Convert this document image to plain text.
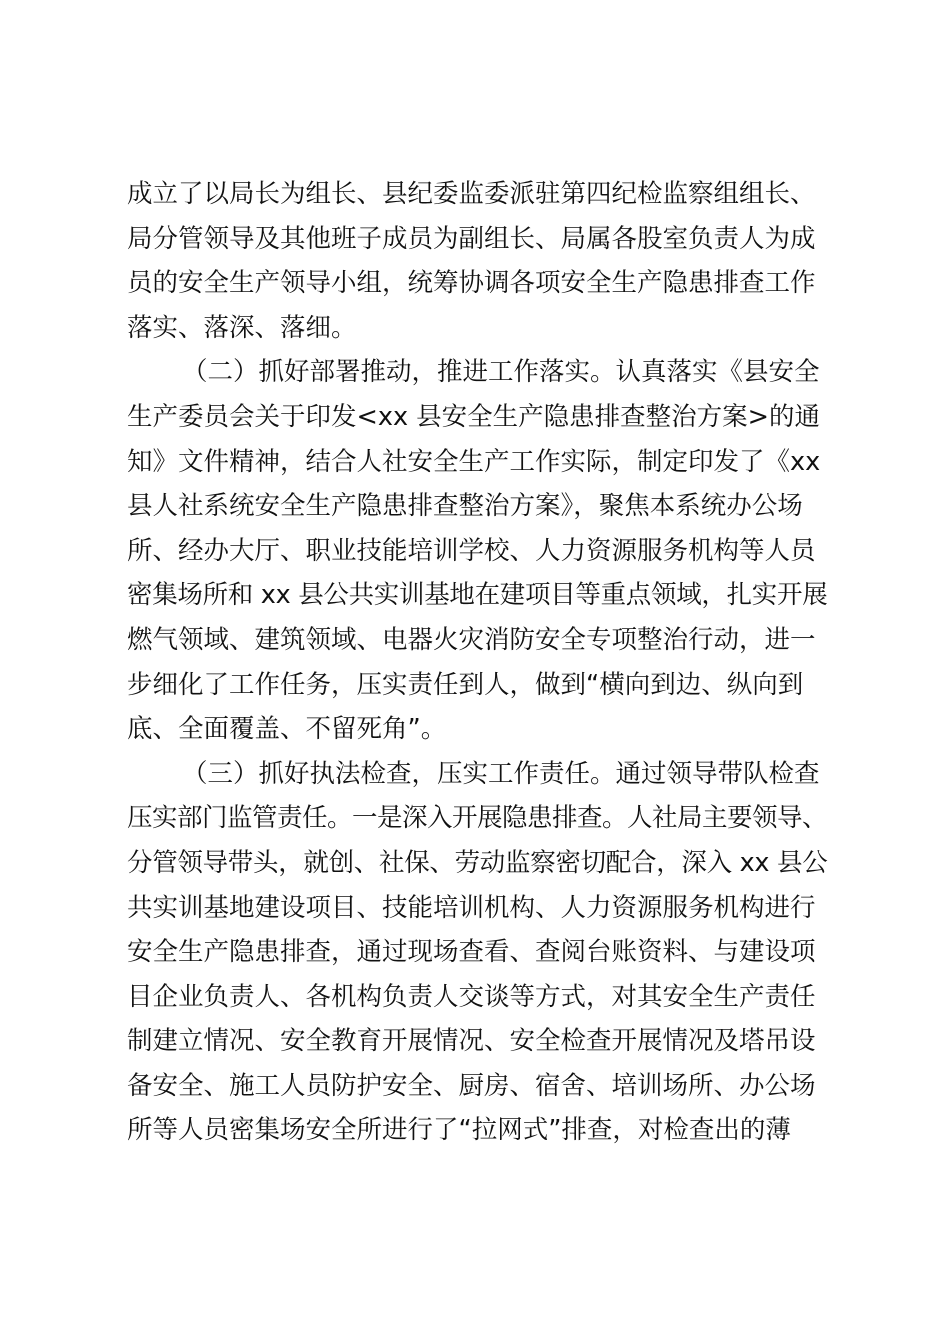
成立了以局长为组长、县纪委监委派驻第四纪检监察组组长、
局分管领导及其他班子成员为副组长、局属各股室负责人为成
员的安全生产领导小组，统筹协调各项安全生产隐患排查工作
落实、落深、落细。
（二）抓好部署推动，推进工作落实。认真落实《县安全
生产委员会关于印发<xx 县安全生产隐患排查整治方案>的通
知》文件精神，结合人社安全生产工作实际，制定印发了《xx
县人社系统安全生产隐患排查整治方案》，聚焦本系统办公场
所、经办大厅、职业技能培训学校、人力资源服务机构等人员
密集场所和 xx 县公共实训基地在建项目等重点领域，扎实开展
燃气领域、建筑领域、电器火灾消防安全专项整治行动，进一
步细化了工作任务，压实责任到人，做到“横向到边、纵向到
底、全面覆盖、不留死角”。
（三）抓好执法检查，压实工作责任。通过领导带队检查
压实部门监管责任。一是深入开展隐患排查。人社局主要领导、
分管领导带头，就创、社保、劳动监察密切配合，深入 xx 县公
共实训基地建设项目、技能培训机构、人力资源服务机构进行
安全生产隐患排查，通过现场查看、查阅台账资料、与建设项
目企业负责人、各机构负责人交谈等方式，对其安全生产责任
制建立情况、安全教育开展情况、安全检查开展情况及塔吊设
备安全、施工人员防护安全、厨房、宿舍、培训场所、办公场
所等人员密集场安全所进行了“拉网式”排查，对检查出的薄
